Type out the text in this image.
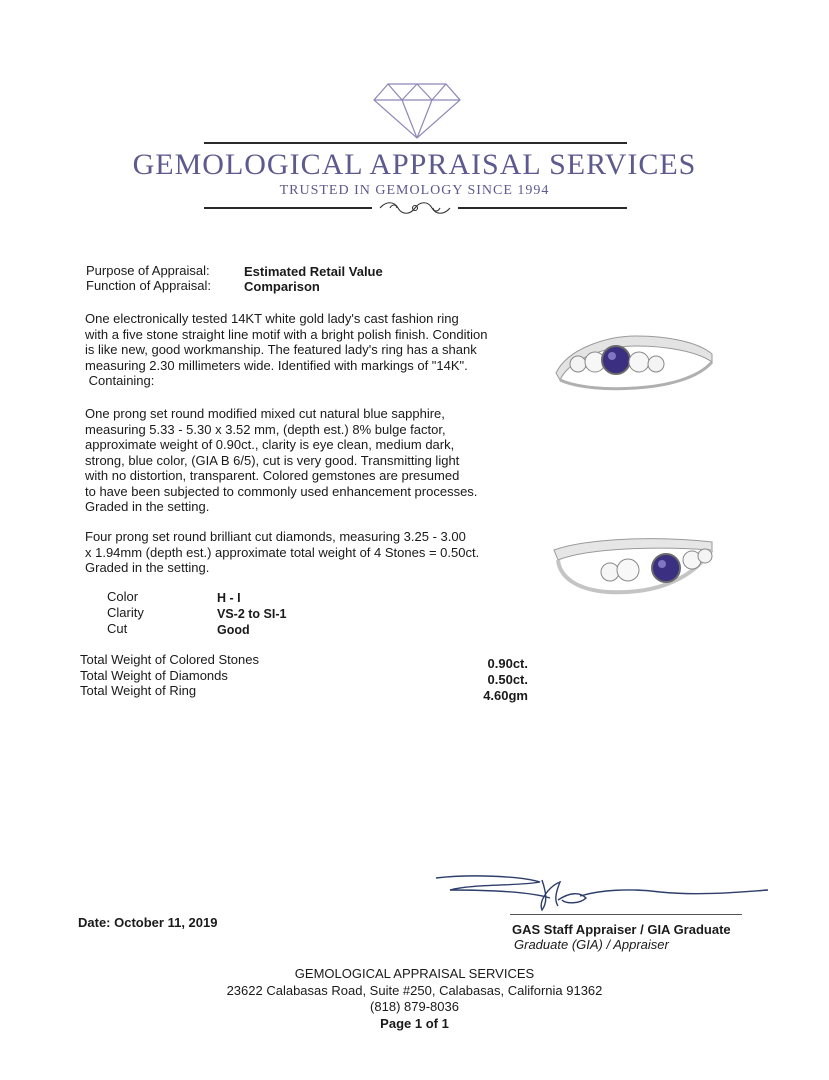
GEMOLOGICAL APPRAISAL SERVICES
TRUSTED IN GEMOLOGY SINCE 1994
Purpose of Appraisal:	Estimated Retail Value
Function of Appraisal:	Comparison
One electronically tested 14KT white gold lady's cast fashion ring
with a five stone straight line motif with a bright polish finish. Condition
is like new, good workmanship. The featured lady's ring has a shank
measuring 2.30 millimeters wide. Identified with markings of "14K".
Containing:
One prong set round modified mixed cut natural blue sapphire,
measuring 5.33 - 5.30 x 3.52 mm, (depth est.) 8% bulge factor,
approximate weight of 0.90ct., clarity is eye clean, medium dark,
strong, blue color, (GIA B 6/5), cut is very good. Transmitting light
with no distortion, transparent. Colored gemstones are presumed
to have been subjected to commonly used enhancement processes.
Graded in the setting.
Four prong set round brilliant cut diamonds, measuring 3.25 - 3.00
x 1.94mm (depth est.) approximate total weight of 4 Stones = 0.50ct.
Graded in the setting.
Color	H - I
Clarity	VS-2 to SI-1
Cut	Good
Total Weight of Colored Stones	0.90ct.
Total Weight of Diamonds	0.50ct.
Total Weight of Ring	4.60gm
Date: October 11, 2019	GAS Staff Appraiser / GIA Graduate
Graduate (GIA) / Appraiser
GEMOLOGICAL APPRAISAL SERVICES
23622 Calabasas Road, Suite #250, Calabasas, California 91362
(818) 879-8036
Page 1 of 1
